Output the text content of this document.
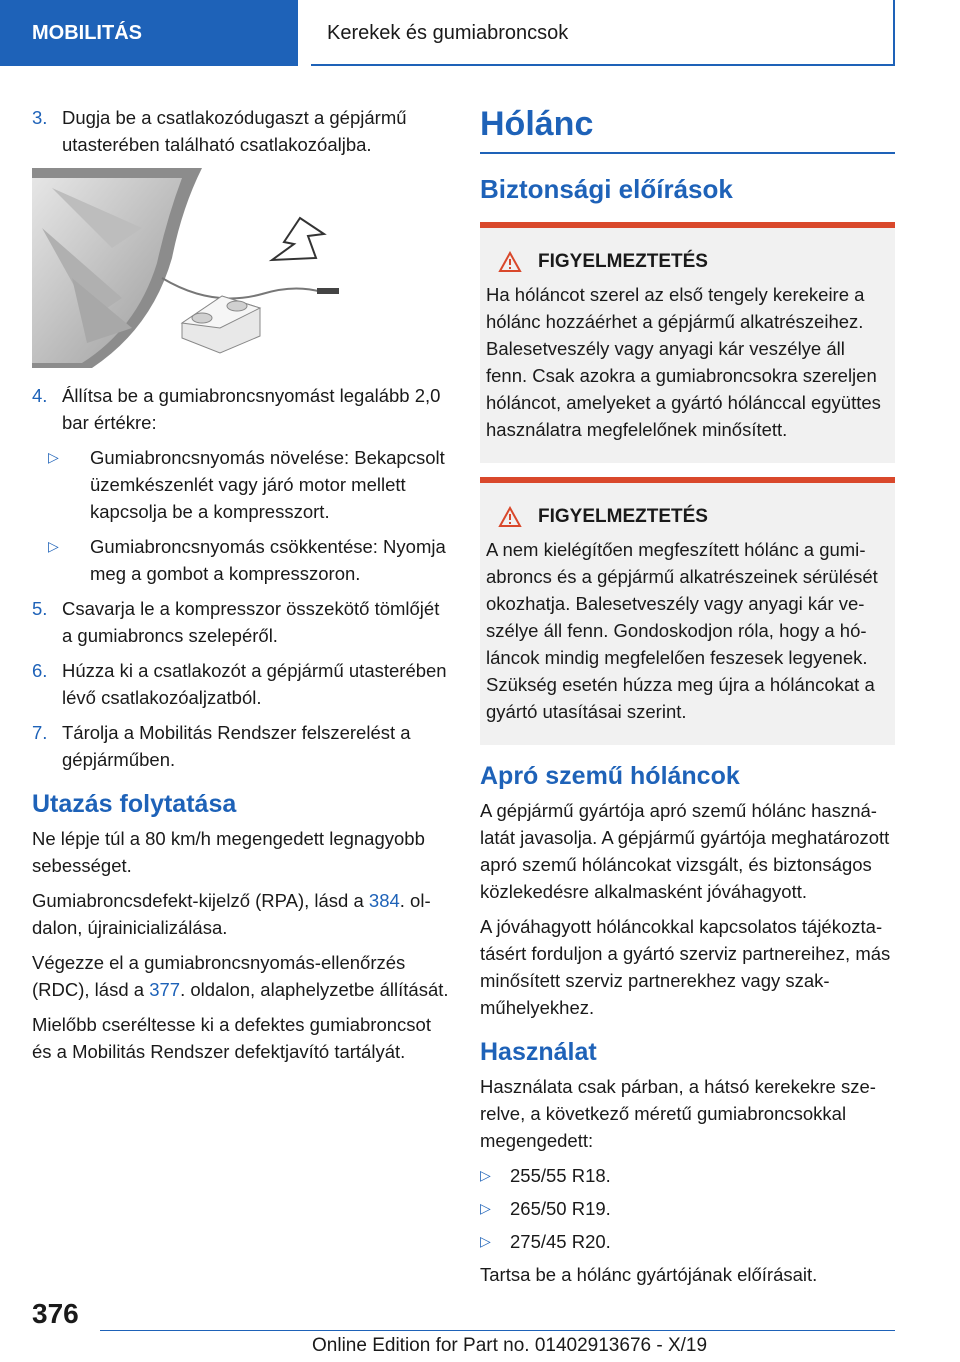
MOBILITÁS	Kerekek és gumiabroncsok
3. Dugja be a csatlakozódugaszt a gépjármű utasterében található csatlakozóaljba.
4. Állítsa be a gumiabroncsnyomást legalább 2,0 bar értékre:
▷ Gumiabroncsnyomás növelése: Bekapcsolt üzemkészenlét vagy járó motor mellett kapcsolja be a kompresszort.
▷ Gumiabroncsnyomás csökkentése: Nyomja meg a gombot a kompresszoron.
5. Csavarja le a kompresszor összekötő tömlőjét a gumiabroncs szelepéről.
6. Húzza ki a csatlakozót a gépjármű utasterében lévő csatlakozóaljzatból.
7. Tárolja a Mobilitás Rendszer felszerelést a gépjárműben.
Utazás folytatása

Ne lépje túl a 80 km/h megengedett legnagyobb sebességet.

Gumiabroncsdefekt-kijelző (RPA), lásd a 384. oldalon, újrainicializálása.

Végezze el a gumiabroncsnyomás-ellenőrzés (RDC), lásd a 377. oldalon, alaphelyzetbe állítását.

Mielőbb cseréltesse ki a defektes gumiabroncsot és a Mobilitás Rendszer defektjavító tartályát.

Hólánc
Biztonsági előírások
FIGYELMEZTETÉS
Ha hóláncot szerel az első tengely kerekeire a hólánc hozzáérhet a gépjármű alkatrészeihez. Balesetveszély vagy anyagi kár veszélye áll fenn. Csak azokra a gumiabroncsokra szereljen hóláncot, amelyeket a gyártó hólánccal együttes használatra megfelelőnek minősített.
FIGYELMEZTETÉS
A nem kielégítően megfeszített hólánc a gumiabroncs és a gépjármű alkatrészeinek sérülését okozhatja. Balesetveszély vagy anyagi kár veszélye áll fenn. Gondoskodjon róla, hogy a hóláncok mindig megfelelően feszesek legyenek. Szükség esetén húzza meg újra a hóláncokat a gyártó utasításai szerint.
Apró szemű hóláncok

A gépjármű gyártója apró szemű hólánc használatát javasolja. A gépjármű gyártója meghatározott apró szemű hóláncokat vizsgált, és biztonságos közlekedésre alkalmasként jóváhagyott.

A jóváhagyott hóláncokkal kapcsolatos tájékoztatásért forduljon a gyártó szerviz partnereihez, más minősített szerviz partnerekhez vagy szakműhelyekhez.

Használat

Használata csak párban, a hátsó kerekekre szerelve, a következő méretű gumiabroncsokkal megengedett:

▷ 255/55 R18.
▷ 265/50 R19.
▷ 275/45 R20.

Tartsa be a hólánc gyártójának előírásait.

376
Online Edition for Part no. 01402913676 - X/19
